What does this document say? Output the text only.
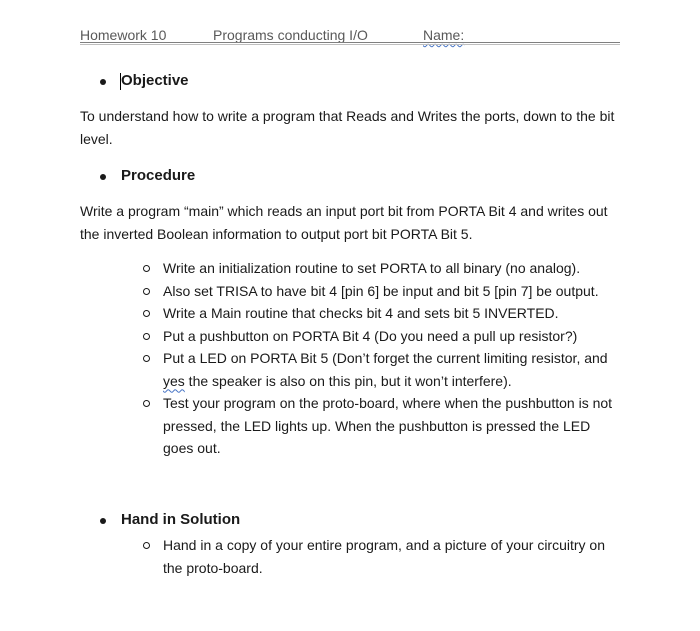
Homework 10	Programs conducting I/O	Name:
Objective
To understand how to write a program that Reads and Writes the ports, down to the bit level.
Procedure
Write a program “main” which reads an input port bit from PORTA Bit 4 and writes out the inverted Boolean information to output port bit PORTA Bit 5.
Write an initialization routine to set PORTA to all binary (no analog).
Also set TRISA to have bit 4 [pin 6] be input and bit 5 [pin 7] be output.
Write a Main routine that checks bit 4 and sets bit 5 INVERTED.
Put a pushbutton on PORTA Bit 4 (Do you need a pull up resistor?)
Put a LED on PORTA Bit 5 (Don’t forget the current limiting resistor, and yes the speaker is also on this pin, but it won’t interfere).
Test your program on the proto-board, where when the pushbutton is not pressed, the LED lights up. When the pushbutton is pressed the LED goes out.
Hand in Solution
Hand in a copy of your entire program, and a picture of your circuitry on the proto-board.
